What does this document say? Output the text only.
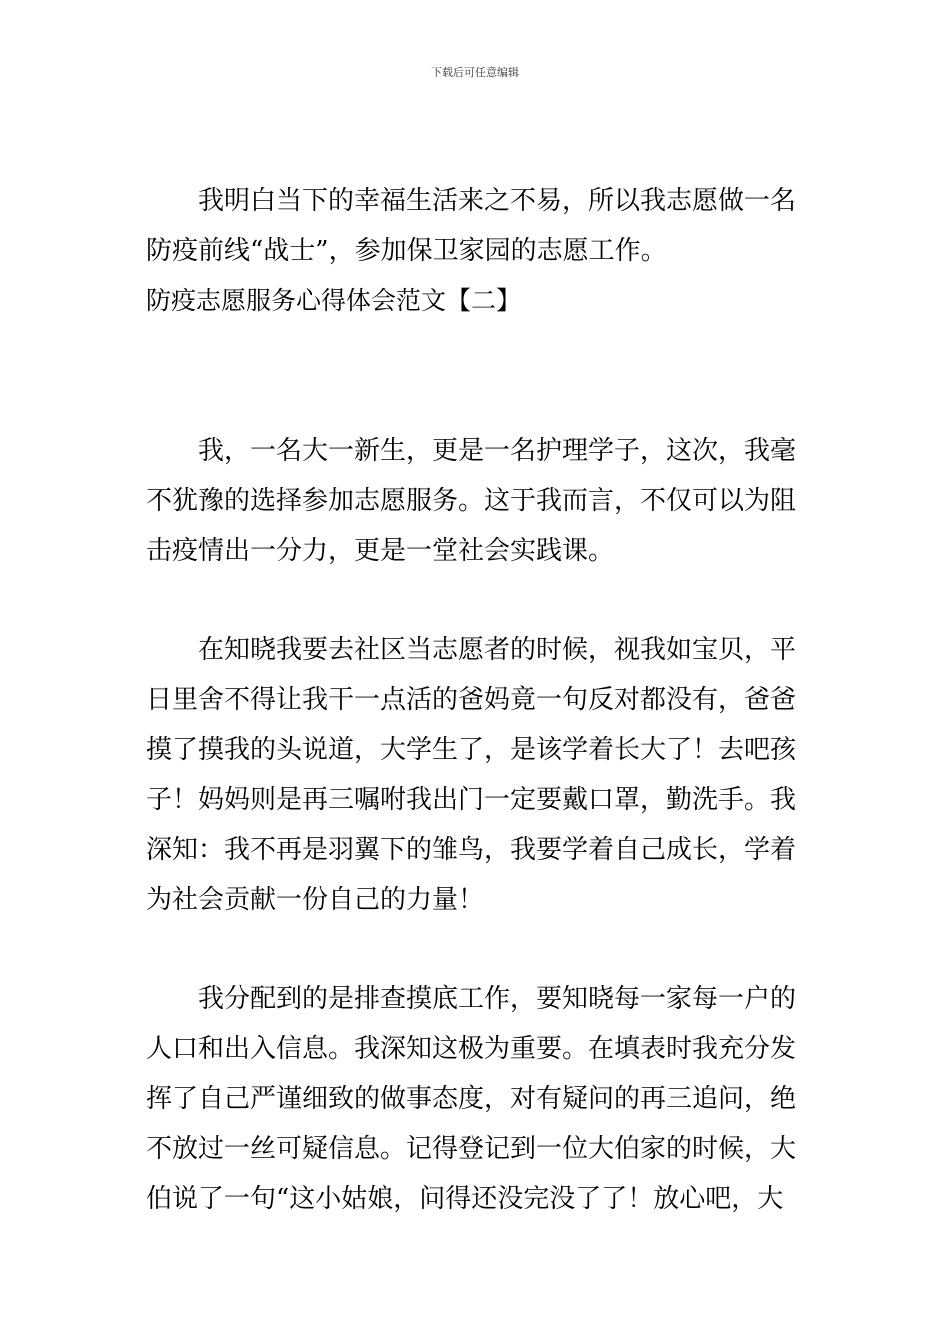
下载后可任意编辑
我明白当下的幸福生活来之不易，所以我志愿做一名
防疫前线“战士”，参加保卫家园的志愿工作。
防疫志愿服务心得体会范文【二】
我，一名大一新生，更是一名护理学子，这次，我毫
不犹豫的选择参加志愿服务。这于我而言，不仅可以为阻
击疫情出一分力，更是一堂社会实践课。
在知晓我要去社区当志愿者的时候，视我如宝贝，平
日里舍不得让我干一点活的爸妈竟一句反对都没有，爸爸
摸了摸我的头说道，大学生了，是该学着长大了！去吧孩
子！妈妈则是再三嘱咐我出门一定要戴口罩，勤洗手。我
深知：我不再是羽翼下的雏鸟，我要学着自己成长，学着
为社会贡献一份自己的力量！
我分配到的是排查摸底工作，要知晓每一家每一户的
人口和出入信息。我深知这极为重要。在填表时我充分发
挥了自己严谨细致的做事态度，对有疑问的再三追问，绝
不放过一丝可疑信息。记得登记到一位大伯家的时候，大
伯说了一句“这小姑娘，问得还没完没了了！放心吧，大
